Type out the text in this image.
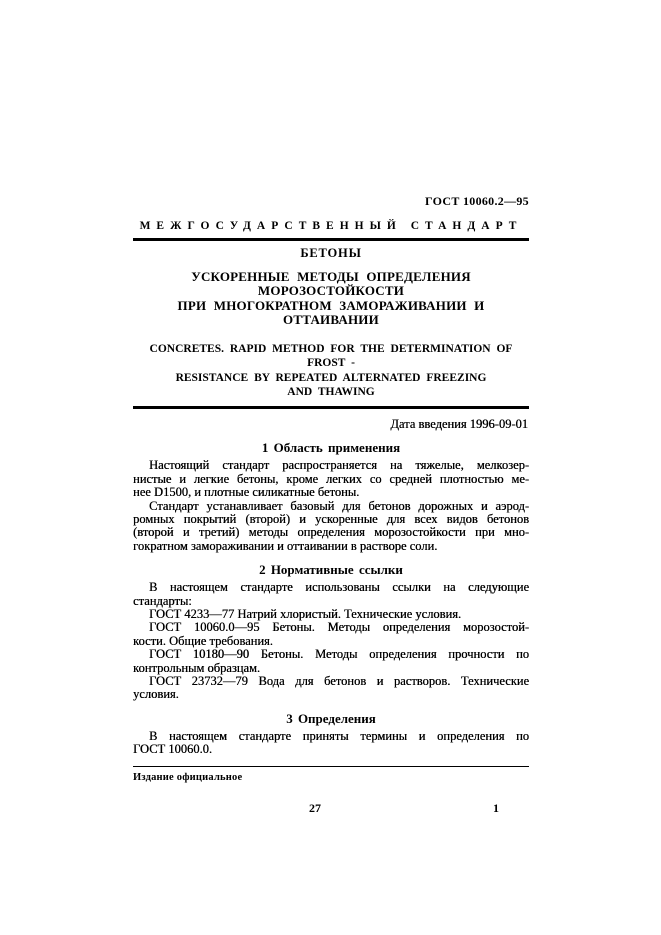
ГОСТ 10060.2—95
МЕЖГОСУДАРСТВЕННЫЙ СТАНДАРТ
БЕТОНЫ
УСКОРЕННЫЕ МЕТОДЫ ОПРЕДЕЛЕНИЯ МОРОЗОСТОЙКОСТИ
ПРИ МНОГОКРАТНОМ ЗАМОРАЖИВАНИИ И ОТТАИВАНИИ
CONCRETES. RAPID METHOD FOR THE DETERMINATION OF FROST -
RESISTANCE BY REPEATED ALTERNATED FREEZING
AND THAWING
Дата введения 1996-09-01
1 Область применения
Настоящий стандарт распространяется на тяжелые, мелкозер-
нистые и легкие бетоны, кроме легких со средней плотностью ме-
нее D1500, и плотные силикатные бетоны.
Стандарт устанавливает базовый для бетонов дорожных и аэрод-
ромных покрытий (второй) и ускоренные для всех видов бетонов
(второй и третий) методы определения морозостойкости при мно-
гократном замораживании и оттаивании в растворе соли.
2 Нормативные ссылки
В настоящем стандарте использованы ссылки на следующие
стандарты:
ГОСТ 4233—77 Натрий хлористый. Технические условия.
ГОСТ 10060.0—95 Бетоны. Методы определения морозостой-
кости. Общие требования.
ГОСТ 10180—90 Бетоны. Методы определения прочности по
контрольным образцам.
ГОСТ 23732—79 Вода для бетонов и растворов. Технические
условия.
3 Определения
В настоящем стандарте приняты термины и определения по
ГОСТ 10060.0.
Издание официальное
27	1
